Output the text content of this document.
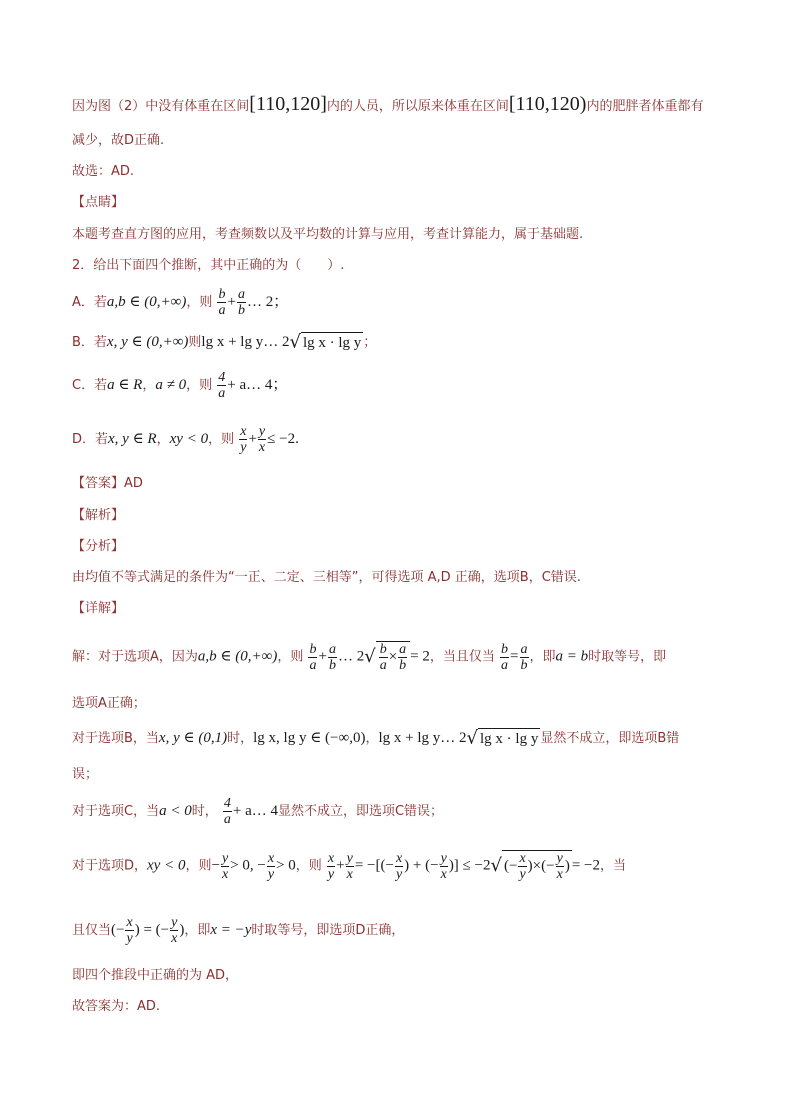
因为图（2）中没有体重在区间[110,120]内的人员，所以原来体重在区间[110,120)内的肥胖者体重都有
减少，故D正确.
故选：AD.
【点睛】
本题考查直方图的应用，考查频数以及平均数的计算与应用，考查计算能力，属于基础题.
2．给出下面四个推断，其中正确的为（　　）.
A．若a,b ∈ (0,+∞)，则 $\frac{b}{a} + \frac{a}{b}$ … 2；
B．若x, y ∈ (0,+∞)则lg x + lg y… 2√ lg x · lg y ；
C．若a ∈ R，a ≠ 0，则 $\frac{4}{a}$ + a… 4；
D．若x, y ∈ R，xy < 0，则 $\frac{x}{y} + \frac{y}{x} \le -2$.
【答案】AD
【解析】
【分析】
由均值不等式满足的条件为“一正、二定、三相等”，可得选项 A,D 正确，选项B，C错误.
【详解】
解：对于选项A，因为a,b ∈ (0,+∞)，则 $\frac{b}{a} + \frac{a}{b}$ … $2√ \frac{b}{a} \times \frac{a}{b} = 2$，当且仅当 $\frac{b}{a} = \frac{a}{b}$ ，即a = b时取等号，即
选项A正确；
对于选项B，当x, y ∈ (0,1)时，lg x, lg y ∈ (−∞,0)，lg x + lg y… 2√ lg x · lg y 显然不成立，即选项B错
误；
对于选项C，当a < 0时， $\frac{4}{a}$ + a… 4显然不成立，即选项C错误；
对于选项D，xy < 0，则− $\frac{y}{x} > 0$, − $\frac{x}{y} > 0$，则 $\frac{x}{y} + \frac{y}{x}$ = −[(− $\frac{x}{y}$ ) + (− $\frac{y}{x}$ )] ≤ −2√ (− $\frac{x}{y}$ )×(− $\frac{y}{x}$ ) = −2，当
且仅当(− $\frac{x}{y}$ ) = (− $\frac{y}{x}$ )，即x = −y时取等号，即选项D正确，
即四个推段中正确的为 AD，
故答案为：AD.
